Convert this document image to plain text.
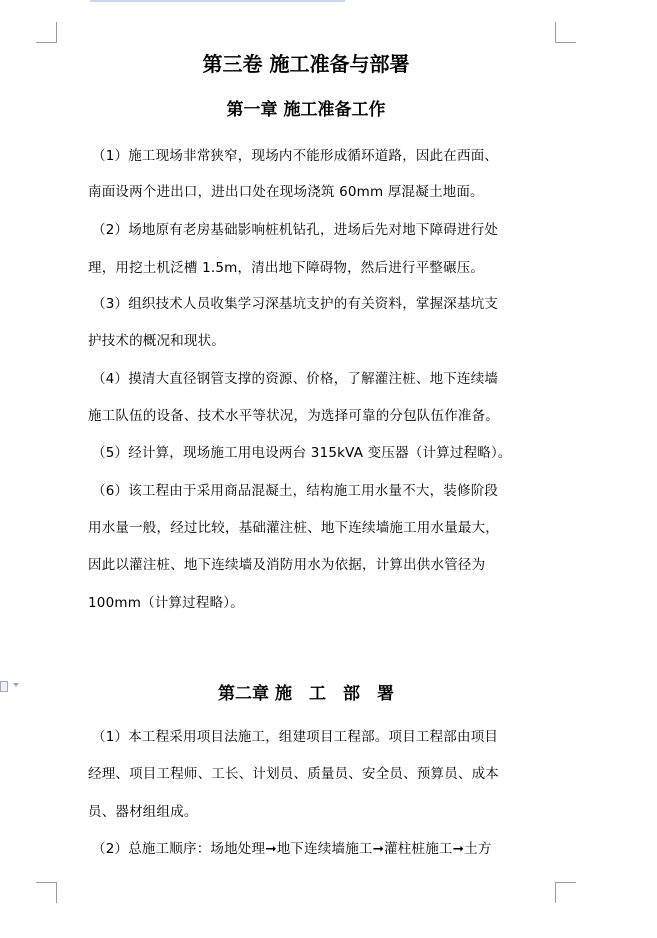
第三卷 施工准备与部署
第一章 施工准备工作
（1）施工现场非常狭窄，现场内不能形成循环道路，因此在西面、
南面设两个进出口，进出口处在现场浇筑 60mm 厚混凝土地面。
（2）场地原有老房基础影响桩机钻孔，进场后先对地下障碍进行处
理，用挖土机泛槽 1.5m，清出地下障碍物，然后进行平整碾压。
（3）组织技术人员收集学习深基坑支护的有关资料，掌握深基坑支
护技术的概况和现状。
（4）摸清大直径钢管支撑的资源、价格，了解灌注桩、地下连续墙
施工队伍的设备、技术水平等状况，为选择可靠的分包队伍作准备。
（5）经计算，现场施工用电设两台 315kVA 变压器（计算过程略）。
（6）该工程由于采用商品混凝土，结构施工用水量不大，装修阶段
用水量一般，经过比较，基础灌注桩、地下连续墙施工用水量最大，
因此以灌注桩、地下连续墙及消防用水为依据，计算出供水管径为
100mm（计算过程略）。
第二章 施　工　部　署
（1）本工程采用项目法施工，组建项目工程部。项目工程部由项目
经理、项目工程师、工长、计划员、质量员、安全员、预算员、成本
员、器材组组成。
（2）总施工顺序：场地处理➞地下连续墙施工➞灌柱桩施工➞土方
